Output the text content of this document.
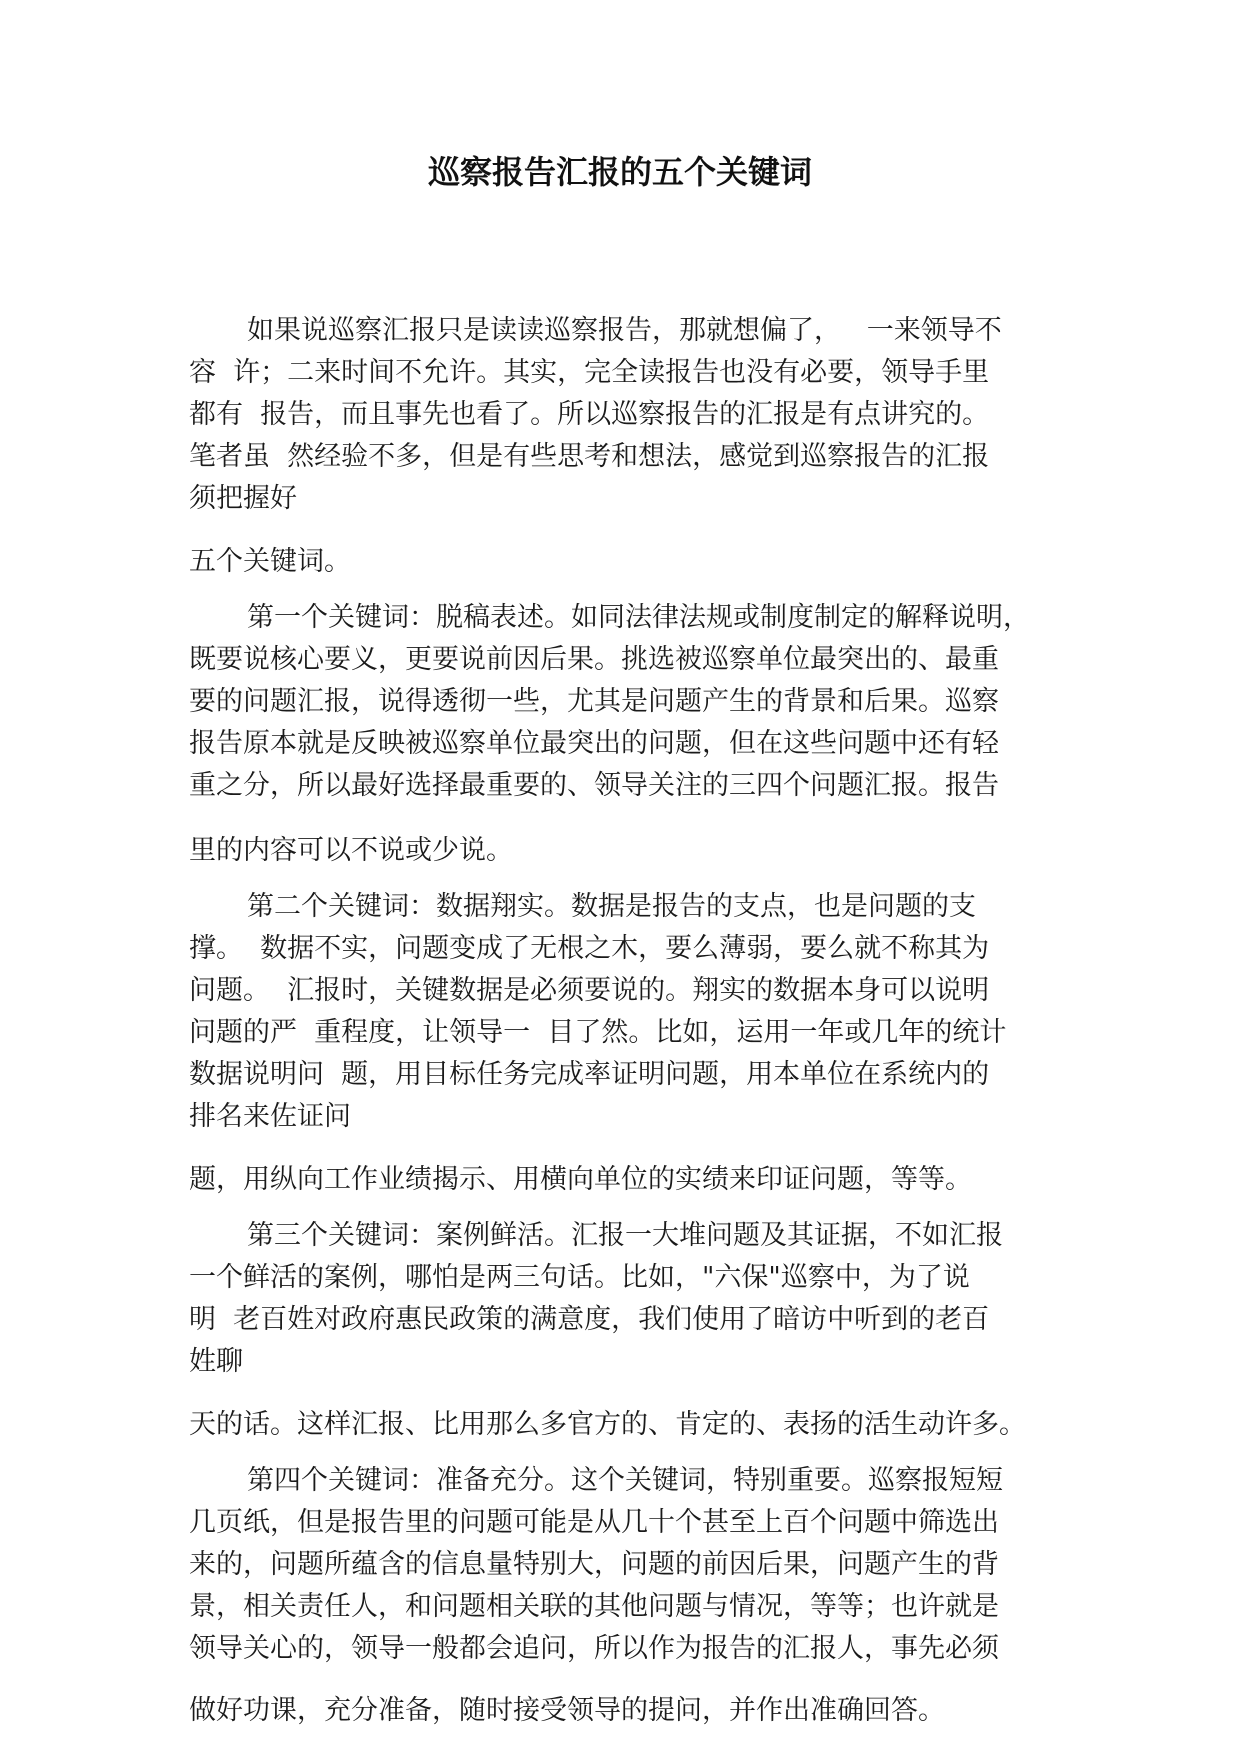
巡察报告汇报的五个关键词
如果说巡察汇报只是读读巡察报告，那就想偏了，   一来领导不
容  许；二来时间不允许。其实，完全读报告也没有必要，领导手里
都有  报告，而且事先也看了。所以巡察报告的汇报是有点讲究的。
笔者虽  然经验不多，但是有些思考和想法，感觉到巡察报告的汇报
须把握好
五个关键词。
第一个关键词：脱稿表述。如同法律法规或制度制定的解释说明，
既要说核心要义，更要说前因后果。挑选被巡察单位最突出的、最重
要的问题汇报，说得透彻一些，尤其是问题产生的背景和后果。巡察
报告原本就是反映被巡察单位最突出的问题，但在这些问题中还有轻
重之分，所以最好选择最重要的、领导关注的三四个问题汇报。报告
里的内容可以不说或少说。
第二个关键词：数据翔实。数据是报告的支点，也是问题的支
撑。  数据不实，问题变成了无根之木，要么薄弱，要么就不称其为
问题。  汇报时，关键数据是必须要说的。翔实的数据本身可以说明
问题的严  重程度，让领导一  目了然。比如，运用一年或几年的统计
数据说明问  题，用目标任务完成率证明问题，用本单位在系统内的
排名来佐证问
题，用纵向工作业绩揭示、用横向单位的实绩来印证问题，等等。
第三个关键词：案例鲜活。汇报一大堆问题及其证据，不如汇报
一个鲜活的案例，哪怕是两三句话。比如，"六保"巡察中，为了说
明  老百姓对政府惠民政策的满意度，我们使用了暗访中听到的老百
姓聊
天的话。这样汇报、比用那么多官方的、肯定的、表扬的活生动许多。
第四个关键词：准备充分。这个关键词，特别重要。巡察报短短
几页纸，但是报告里的问题可能是从几十个甚至上百个问题中筛选出
来的，问题所蕴含的信息量特别大，问题的前因后果，问题产生的背
景，相关责任人，和问题相关联的其他问题与情况，等等；也许就是
领导关心的，领导一般都会追问，所以作为报告的汇报人，事先必须
做好功课，充分准备，随时接受领导的提问，并作出准确回答。
